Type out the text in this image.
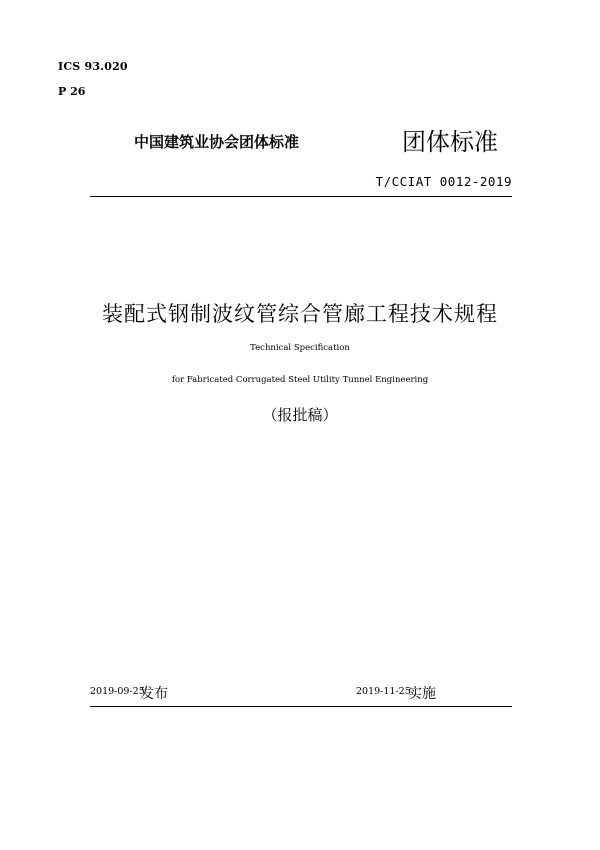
ICS 93.020
P 26
中国建筑业协会团体标准	团体标准
T/CCIAT 0012-2019
装配式钢制波纹管综合管廊工程技术规程
Technical Specification
for Fabricated Corrugated Steel Utility Tunnel Engineering
（报批稿）
2019-09-25
发布	2019-11-25
实施
